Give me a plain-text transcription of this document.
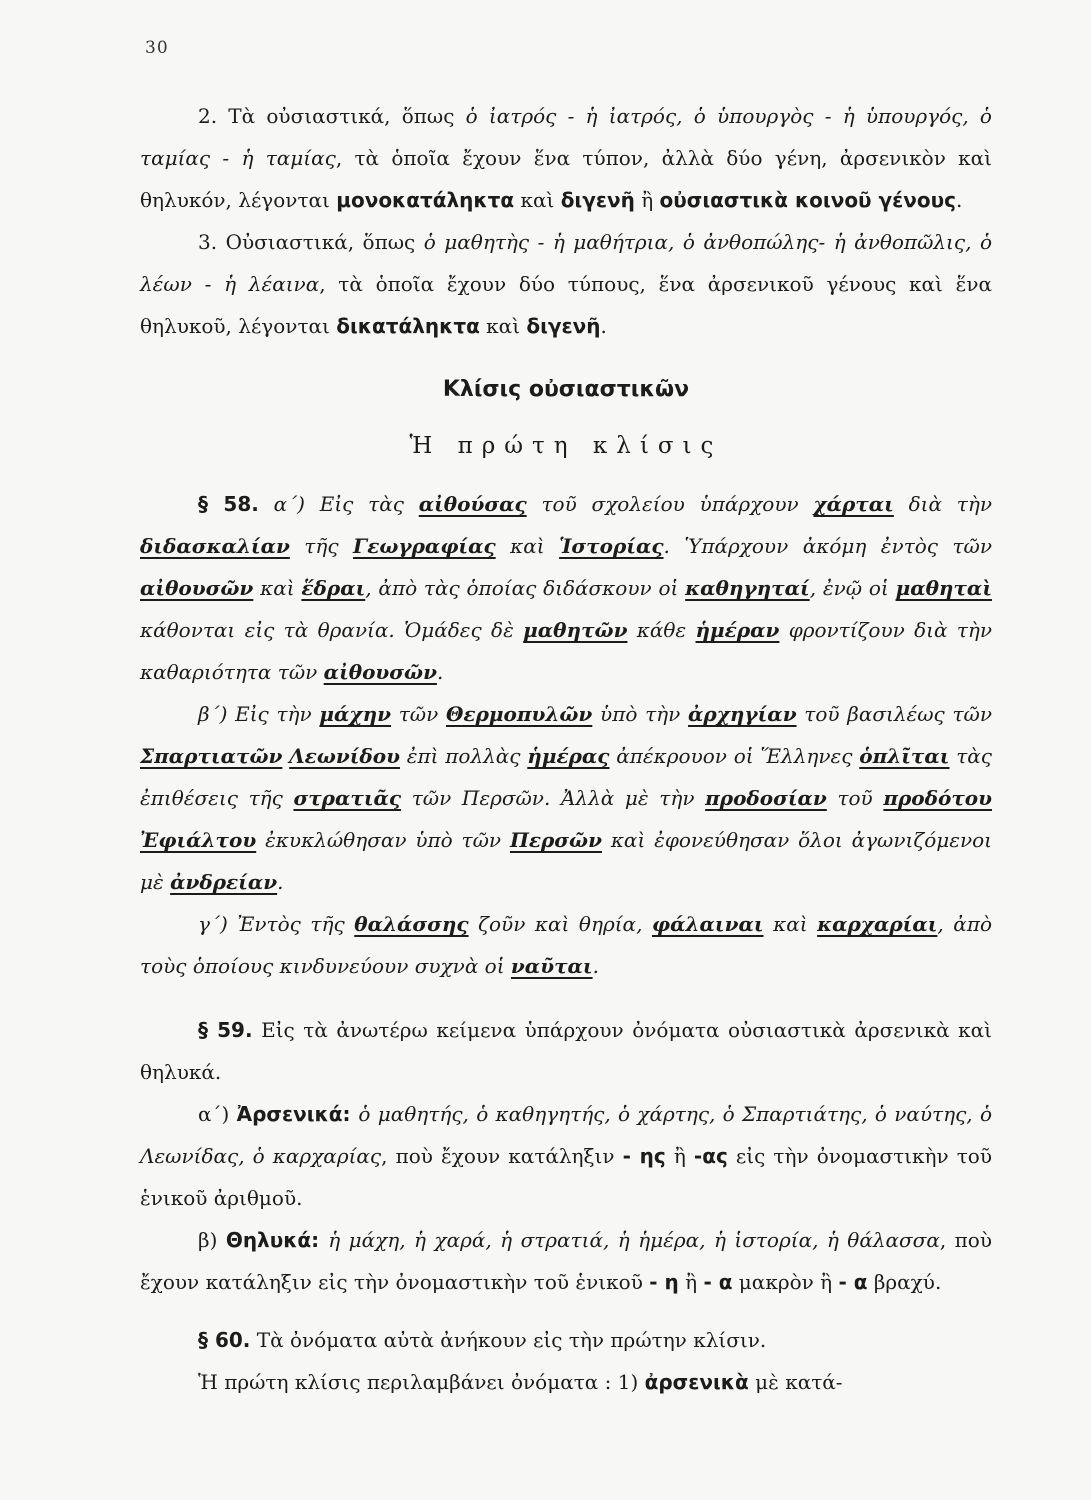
30

2. Τὰ οὐσιαστικά, ὅπως ὁ ἰατρός - ἡ ἰατρός, ὁ ὑπουργὸς - ἡ ὑπουργός, ὁ ταμίας - ἡ ταμίας, τὰ ὁποῖα ἔχουν ἕνα τύπον, ἀλλὰ δύο γένη, ἀρσενικὸν καὶ θηλυκόν, λέγονται μονοκατάληκτα καὶ διγενῆ ἢ οὐσιαστικὰ κοινοῦ γένους.

3. Οὐσιαστικά, ὅπως ὁ μαθητὴς - ἡ μαθήτρια, ὁ ἀνθοπώλης- ἡ ἀνθοπῶλις, ὁ λέων - ἡ λέαινα, τὰ ὁποῖα ἔχουν δύο τύπους, ἕνα ἀρσενικοῦ γένους καὶ ἕνα θηλυκοῦ, λέγονται δικατάληκτα καὶ διγενῆ.

Κλίσις οὐσιαστικῶν
Ἡ πρώτη κλίσις

§ 58. α΄) Εἰς τὰς αἰθούσας τοῦ σχολείου ὑπάρχουν χάρται διὰ τὴν διδασκαλίαν τῆς Γεωγραφίας καὶ Ἱστορίας. Ὑπάρχουν ἀκόμη ἐντὸς τῶν αἰθουσῶν καὶ ἕδραι, ἀπὸ τὰς ὁποίας διδάσκουν οἱ καθηγηταί, ἐνῷ οἱ μαθηταὶ κάθονται εἰς τὰ θρανία. Ὁμάδες δὲ μαθητῶν κάθε ἡμέραν φροντίζουν διὰ τὴν καθαριότητα τῶν αἰθουσῶν.

β΄) Εἰς τὴν μάχην τῶν Θερμοπυλῶν ὑπὸ τὴν ἀρχηγίαν τοῦ βασιλέως τῶν Σπαρτιατῶν Λεωνίδου ἐπὶ πολλὰς ἡμέρας ἀπέκρουον οἱ Ἕλληνες ὁπλῖται τὰς ἐπιθέσεις τῆς στρατιᾶς τῶν Περσῶν. Ἀλλὰ μὲ τὴν προδοσίαν τοῦ προδότου Ἐφιάλτου ἐκυκλώθησαν ὑπὸ τῶν Περσῶν καὶ ἐφονεύθησαν ὅλοι ἀγωνιζόμενοι μὲ ἀνδρείαν.

γ΄) Ἐντὸς τῆς θαλάσσης ζοῦν καὶ θηρία, φάλαιναι καὶ καρχαρίαι, ἀπὸ τοὺς ὁποίους κινδυνεύουν συχνὰ οἱ ναῦται.

§ 59. Εἰς τὰ ἀνωτέρω κείμενα ὑπάρχουν ὀνόματα οὐσιαστικὰ ἀρσενικὰ καὶ θηλυκά.

α΄) Ἀρσενικά: ὁ μαθητής, ὁ καθηγητής, ὁ χάρτης, ὁ Σπαρτιάτης, ὁ ναύτης, ὁ Λεωνίδας, ὁ καρχαρίας, ποὺ ἔχουν κατάληξιν - ης ἢ -ας εἰς τὴν ὀνομαστικὴν τοῦ ἑνικοῦ ἀριθμοῦ.

β) Θηλυκά: ἡ μάχη, ἡ χαρά, ἡ στρατιά, ἡ ἡμέρα, ἡ ἱστορία, ἡ θάλασσα, ποὺ ἔχουν κατάληξιν εἰς τὴν ὀνομαστικὴν τοῦ ἑνικοῦ - η ἢ - α μακρὸν ἢ - α βραχύ.

§ 60. Τὰ ὀνόματα αὐτὰ ἀνήκουν εἰς τὴν πρώτην κλίσιν.

Ἡ πρώτη κλίσις περιλαμβάνει ὀνόματα : 1) ἀρσενικὰ μὲ κατά-
